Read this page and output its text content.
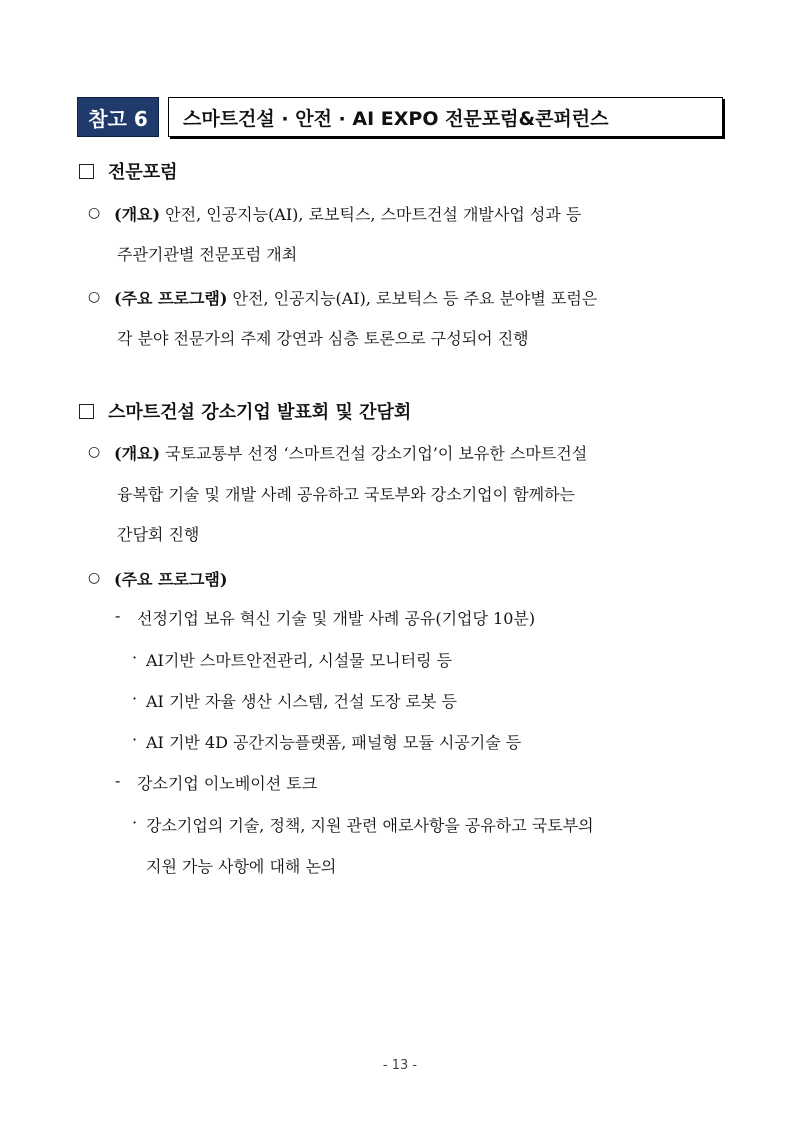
참고 6	스마트건설 · 안전 · AI EXPO 전문포럼&콘퍼런스
전문포럼
○ (개요) 안전, 인공지능(AI), 로보틱스, 스마트건설 개발사업 성과 등
주관기관별 전문포럼 개최
○ (주요 프로그램) 안전, 인공지능(AI), 로보틱스 등 주요 분야별 포럼은
각 분야 전문가의 주제 강연과 심층 토론으로 구성되어 진행
스마트건설 강소기업 발표회 및 간담회
○ (개요) 국토교통부 선정 ‘스마트건설 강소기업’이 보유한 스마트건설
융복합 기술 및 개발 사례 공유하고 국토부와 강소기업이 함께하는
간담회 진행
○ (주요 프로그램)
- 선정기업 보유 혁신 기술 및 개발 사례 공유(기업당 10분)
· AI기반 스마트안전관리, 시설물 모니터링 등
· AI 기반 자율 생산 시스템, 건설 도장 로봇 등
· AI 기반 4D 공간지능플랫폼, 패널형 모듈 시공기술 등
- 강소기업 이노베이션 토크
· 강소기업의 기술, 정책, 지원 관련 애로사항을 공유하고 국토부의
지원 가능 사항에 대해 논의
- 13 -
